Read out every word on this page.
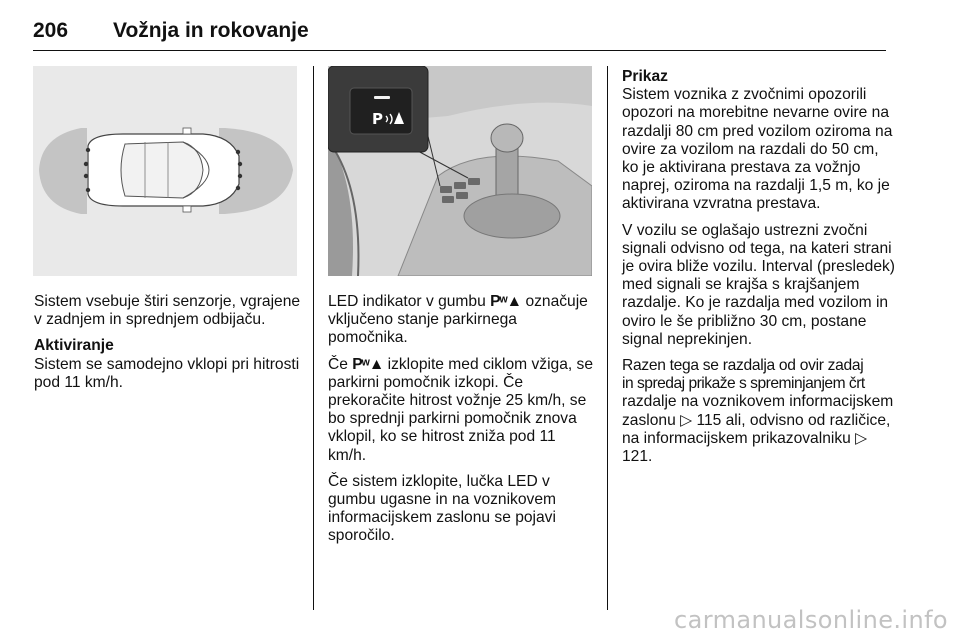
206 Vožnja in rokovanje
P

Sistem vsebuje štiri senzorje, vgrajene v zadnjem in sprednjem odbijaču.

Aktiviranje
Sistem se samodejno vklopi pri hitrosti pod 11 km/h.

LED indikator v gumbu Pʷ▲ označuje vključeno stanje parkirnega pomočnika.

Če Pʷ▲ izklopite med ciklom vžiga, se parkirni pomočnik izkopi. Če prekoračite hitrost vožnje 25 km/h, se bo sprednji parkirni pomočnik znova vklopil, ko se hitrost zniža pod 11 km/h.

Če sistem izklopite, lučka LED v gumbu ugasne in na voznikovem informacijskem zaslonu se pojavi sporočilo.

Prikaz
Sistem voznika z zvočnimi opozorili opozori na morebitne nevarne ovire na razdalji 80 cm pred vozilom oziroma na ovire za vozilom na razdali do 50 cm, ko je aktivirana prestava za vožnjo naprej, oziroma na razdalji 1,5 m, ko je aktivirana vzvratna prestava.

V vozilu se oglašajo ustrezni zvočni signali odvisno od tega, na kateri strani je ovira bliže vozilu. Interval (presledek) med signali se krajša s krajšanjem razdalje. Ko je razdalja med vozilom in oviro le še približno 30 cm, postane signal neprekinjen.

Razen tega se razdalja od ovir zadaj
in spredaj prikaže s spreminjanjem črt
razdalje na voznikovem informacijskem zaslonu ▷ 115 ali, odvisno od različice, na informacijskem prikazovalniku ▷ 121.

carmanualsonline.info
